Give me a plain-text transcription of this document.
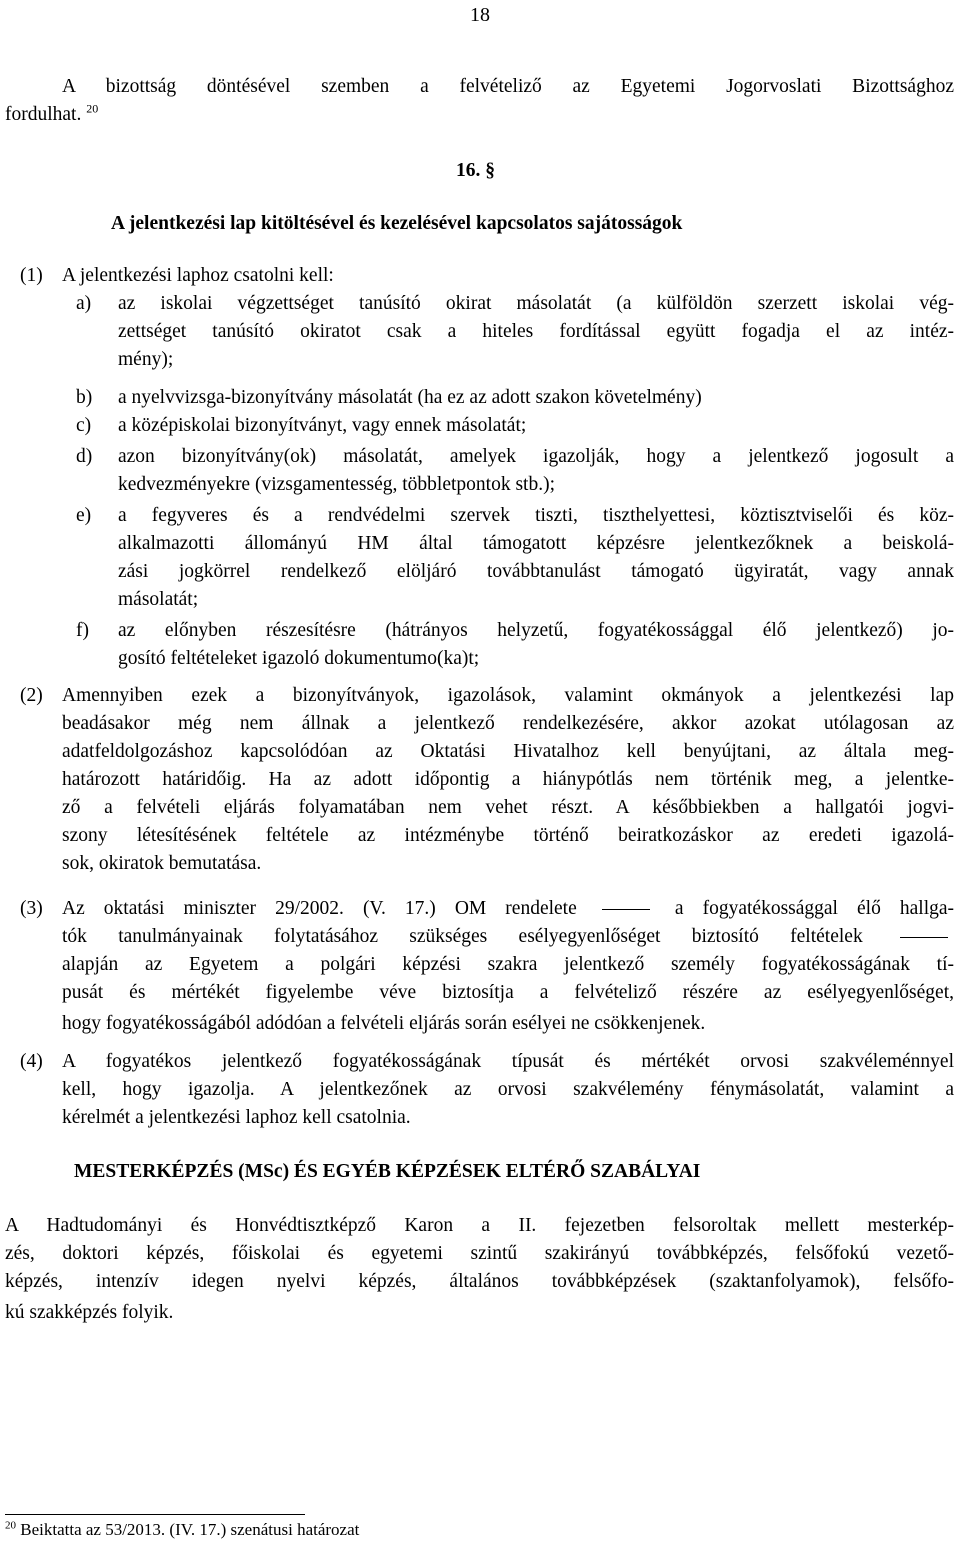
18
A bizottság döntésével szemben a felvételiző az Egyetemi Jogorvoslati Bizottsághoz
fordulhat. $^{20}$
16. §
A jelentkezési lap kitöltésével és kezelésével kapcsolatos sajátosságok
(1) A jelentkezési laphoz csatolni kell:
a) az iskolai végzettséget tanúsító okirat másolatát (a külföldön szerzett iskolai vég-
zettséget tanúsító okiratot csak a hiteles fordítással együtt fogadja el az intéz-
mény);
b) a nyelvvizsga-bizonyítvány másolatát (ha ez az adott szakon követelmény)
c) a középiskolai bizonyítványt, vagy ennek másolatát;
d) azon bizonyítvány(ok) másolatát, amelyek igazolják, hogy a jelentkező jogosult a
kedvezményekre (vizsgamentesség, többletpontok stb.);
e) a fegyveres és a rendvédelmi szervek tiszti, tiszthelyettesi, köztisztviselői és köz-
alkalmazotti állományú HM által támogatott képzésre jelentkezőknek a beiskolá-
zási jogkörrel rendelkező elöljáró továbbtanulást támogató ügyiratát, vagy annak
másolatát;
f) az előnyben részesítésre (hátrányos helyzetű, fogyatékossággal élő jelentkező) jo-
gosító feltételeket igazoló dokumentumo(ka)t;
(2) Amennyiben ezek a bizonyítványok, igazolások, valamint okmányok a jelentkezési lap
beadásakor még nem állnak a jelentkező rendelkezésére, akkor azokat utólagosan az
adatfeldolgozáshoz kapcsolódóan az Oktatási Hivatalhoz kell benyújtani, az általa meg-
határozott határidőig. Ha az adott időpontig a hiánypótlás nem történik meg, a jelentke-
ző a felvételi eljárás folyamatában nem vehet részt. A későbbiekben a hallgatói jogvi-
szony létesítésének feltétele az intézménybe történő beiratkozáskor az eredeti igazolá-
sok, okiratok bemutatása.
(3) Az oktatási miniszter 29/2002. (V. 17.) OM rendelete	a fogyatékossággal élő hallga-
tók tanulmányainak folytatásához szükséges esélyegyenlőséget biztosító feltételek
alapján az Egyetem a polgári képzési szakra jelentkező személy fogyatékosságának tí-
pusát és mértékét figyelembe véve biztosítja a felvételiző részére az esélyegyenlőséget,
hogy fogyatékosságából adódóan a felvételi eljárás során esélyei ne csökkenjenek.
(4) A fogyatékos jelentkező fogyatékosságának típusát és mértékét orvosi szakvéleménnyel
kell, hogy igazolja. A jelentkezőnek az orvosi szakvélemény fénymásolatát, valamint a
kérelmét a jelentkezési laphoz kell csatolnia.
MESTERKÉPZÉS (MSc) ÉS EGYÉB KÉPZÉSEK ELTÉRŐ SZABÁLYAI
A Hadtudományi és Honvédtisztképző Karon a II. fejezetben felsoroltak mellett mesterkép-
zés, doktori képzés, főiskolai és egyetemi szintű szakirányú továbbképzés, felsőfokú vezető-
képzés, intenzív idegen nyelvi képzés, általános továbbképzések (szaktanfolyamok), felsőfo-
kú szakképzés folyik.
$^{20}$ Beiktatta az 53/2013. (IV. 17.) szenátusi határozat
